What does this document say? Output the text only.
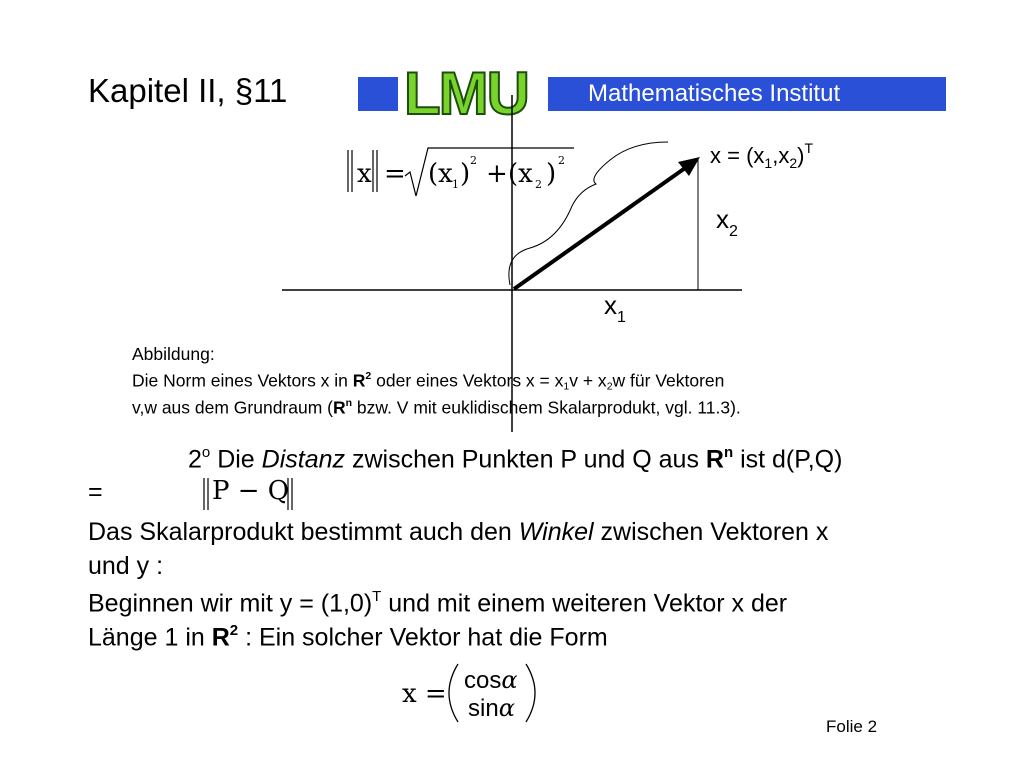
Kapitel II, §11	Mathematisches Institut
LMU
x = (x 1 ) 2 + (x 2 ) 2	$x = (x_1,x_2)^T$
$x_2$
$x_1$
Abbildung:
Die Norm eines Vektors x in $R^2$ oder eines Vektors $x = x_1v + x_2w$ für Vektoren
v,w aus dem Grundraum ($R^n$ bzw. V mit euklidischem Skalarprodukt, vgl. 11.3).
2$^o$ Die Distanz zwischen Punkten P und Q aus $R^n$ ist d(P,Q)
=	P − Q
Das Skalarprodukt bestimmt auch den Winkel zwischen Vektoren x
und y :
Beginnen wir mit $y = (1,0)^T$ und mit einem weiteren Vektor x der
Länge 1 in $R^2$ : Ein solcher Vektor hat die Form
x = cosα
sinα
Folie 2
